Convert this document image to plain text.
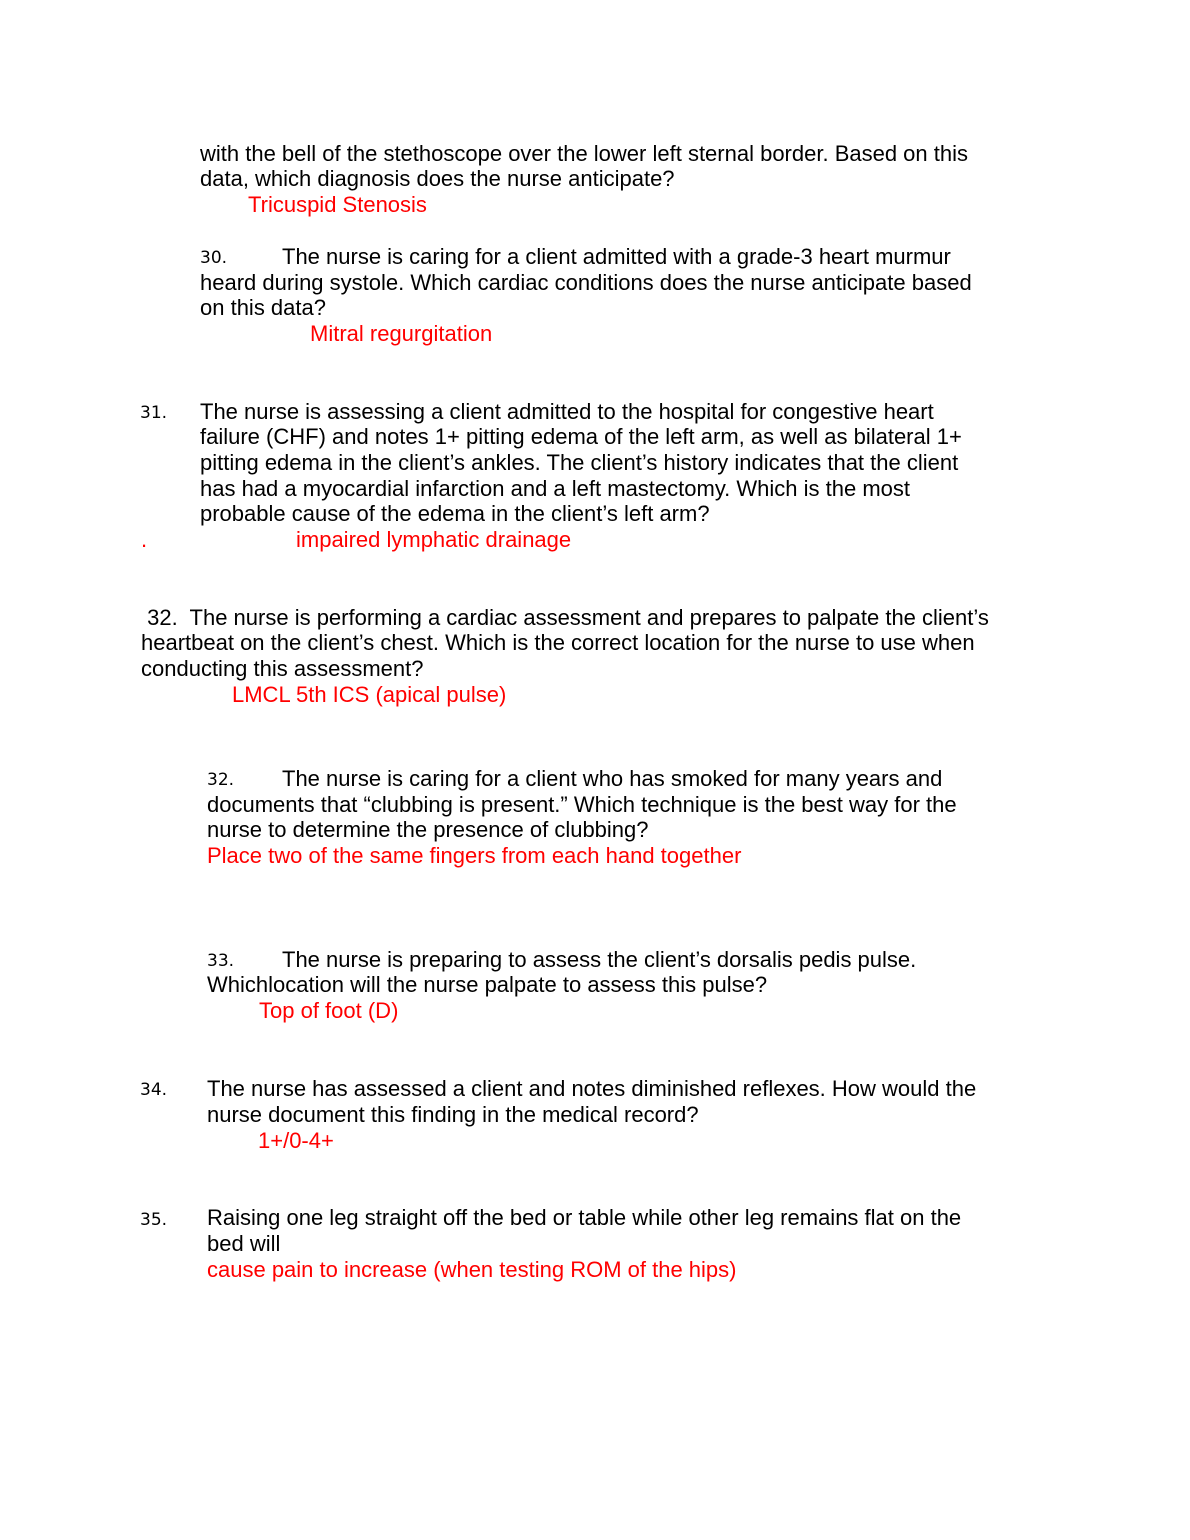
with the bell of the stethoscope over the lower left sternal border. Based on this
data, which diagnosis does the nurse anticipate?
Tricuspid Stenosis
30. The nurse is caring for a client admitted with a grade-3 heart murmur
heard during systole. Which cardiac conditions does the nurse anticipate based
on this data?
Mitral regurgitation
31. The nurse is assessing a client admitted to the hospital for congestive heart
failure (CHF) and notes 1+ pitting edema of the left arm, as well as bilateral 1+
pitting edema in the client’s ankles. The client’s history indicates that the client
has had a myocardial infarction and a left mastectomy. Which is the most
probable cause of the edema in the client’s left arm?
.	impaired lymphatic drainage
32.  The nurse is performing a cardiac assessment and prepares to palpate the client’s
heartbeat on the client’s chest. Which is the correct location for the nurse to use when
conducting this assessment?
LMCL 5th ICS (apical pulse)
32. The nurse is caring for a client who has smoked for many years and
documents that “clubbing is present.” Which technique is the best way for the
nurse to determine the presence of clubbing?
Place two of the same fingers from each hand together
33. The nurse is preparing to assess the client’s dorsalis pedis pulse.
Whichlocation will the nurse palpate to assess this pulse?
Top of foot (D)
34. The nurse has assessed a client and notes diminished reflexes. How would the
nurse document this finding in the medical record?
1+/0-4+
35. Raising one leg straight off the bed or table while other leg remains flat on the
bed will
cause pain to increase (when testing ROM of the hips)
